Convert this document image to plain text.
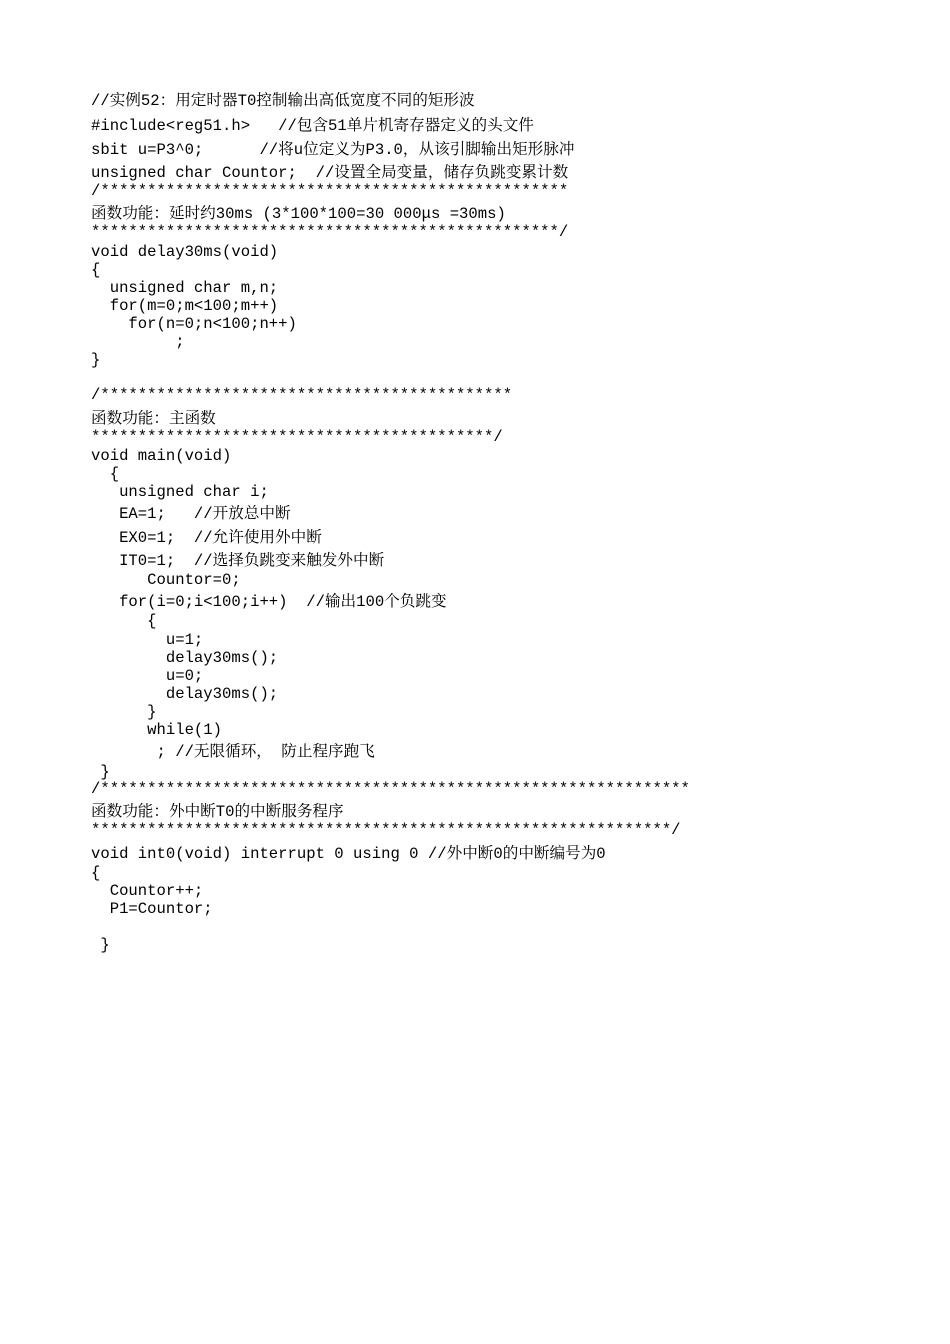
//实例52：用定时器T0控制输出高低宽度不同的矩形波
#include<reg51.h>   //包含51单片机寄存器定义的头文件
sbit u=P3^0;      //将u位定义为P3.0，从该引脚输出矩形脉冲
unsigned char Countor;  //设置全局变量，储存负跳变累计数
/**************************************************
函数功能：延时约30ms (3*100*100=30 000μs =30ms)
**************************************************/
void delay30ms(void)
{
unsigned char m,n;
for(m=0;m<100;m++)
for(n=0;n<100;n++)
;
}
/********************************************
函数功能：主函数
*******************************************/
void main(void)
{
unsigned char i;
EA=1;   //开放总中断
EX0=1;  //允许使用外中断
IT0=1;  //选择负跳变来触发外中断
Countor=0;
for(i=0;i<100;i++)  //输出100个负跳变
{
u=1;
delay30ms();
u=0;
delay30ms();
}
while(1)
; //无限循环， 防止程序跑飞
}
/***************************************************************
函数功能：外中断T0的中断服务程序
**************************************************************/
void int0(void) interrupt 0 using 0 //外中断0的中断编号为0
{
Countor++;
P1=Countor;
}
